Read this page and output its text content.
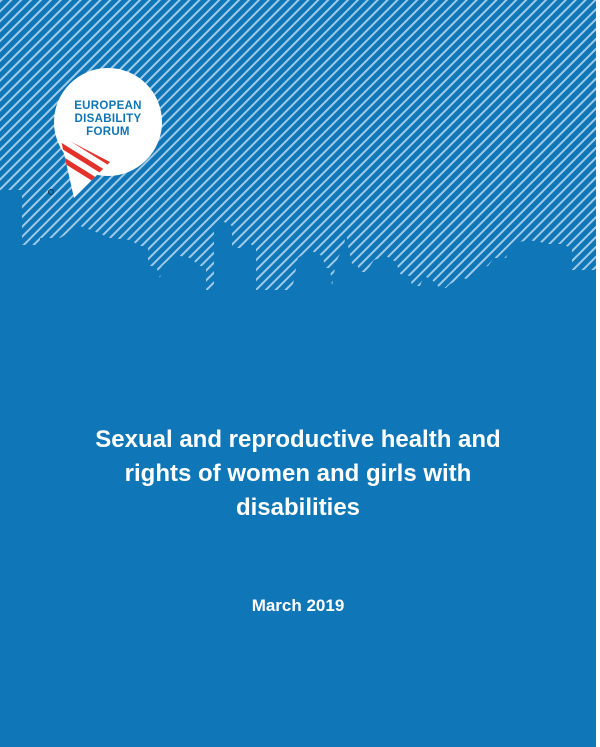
EUROPEAN
DISABILITY
FORUM
Sexual and reproductive health and
rights of women and girls with
disabilities
March 2019
